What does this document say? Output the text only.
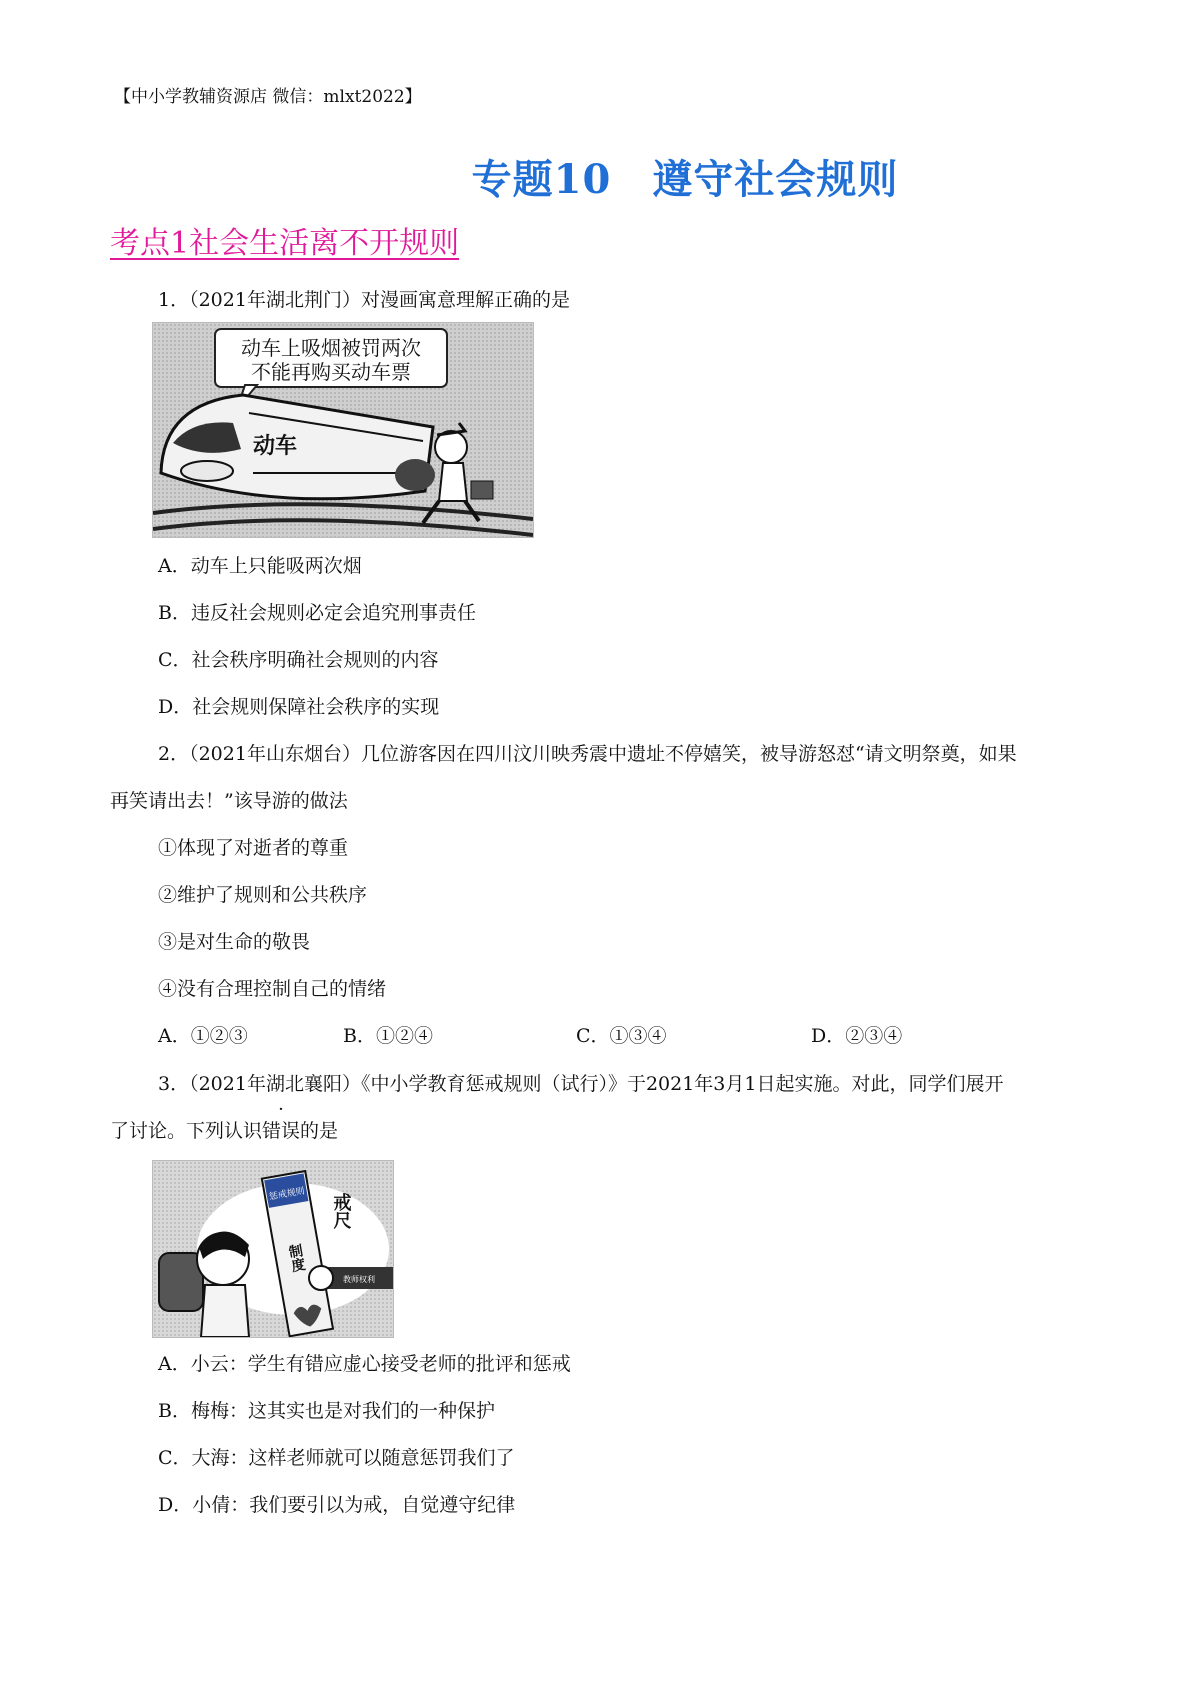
【中小学教辅资源店 微信：mlxt2022】
专题10　遵守社会规则
考点1社会生活离不开规则
1．（2021年湖北荆门）对漫画寓意理解正确的是
动车上吸烟被罚两次
不能再购买动车票
动车
A．动车上只能吸两次烟
B．违反社会规则必定会追究刑事责任
C．社会秩序明确社会规则的内容
D．社会规则保障社会秩序的实现
2．（2021年山东烟台）几位游客因在四川汶川映秀震中遗址不停嬉笑，被导游怒怼“请文明祭奠，如果
再笑请出去！”该导游的做法
①体现了对逝者的尊重
②维护了规则和公共秩序
③是对生命的敬畏
④没有合理控制自己的情绪
A．①②③	B．①②④	C．①③④	D．②③④
3．（2021年湖北襄阳）《中小学教育惩戒规则（试行）》于2021年3月1日起实施。对此，同学们展开
了讨论。下列认识错误的是
惩戒规则
制度
戒尺
教师权利
A．小云：学生有错应虚心接受老师的批评和惩戒
B．梅梅：这其实也是对我们的一种保护
C．大海：这样老师就可以随意惩罚我们了
D．小倩：我们要引以为戒，自觉遵守纪律
